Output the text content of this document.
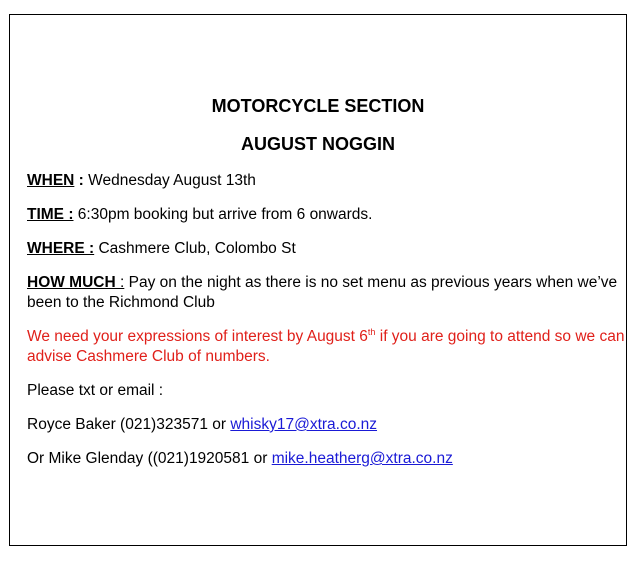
MOTORCYCLE SECTION

AUGUST NOGGIN

WHEN : Wednesday August 13th

TIME : 6:30pm booking but arrive from 6 onwards.

WHERE : Cashmere Club, Colombo St

HOW MUCH : Pay on the night as there is no set menu as previous years when we’ve been to the Richmond Club

We need your expressions of interest by August 6th if you are going to attend so we can advise Cashmere Club of numbers.

Please txt or email :

Royce Baker (021)323571 or whisky17@xtra.co.nz

Or Mike Glenday ((021)1920581 or mike.heatherg@xtra.co.nz
